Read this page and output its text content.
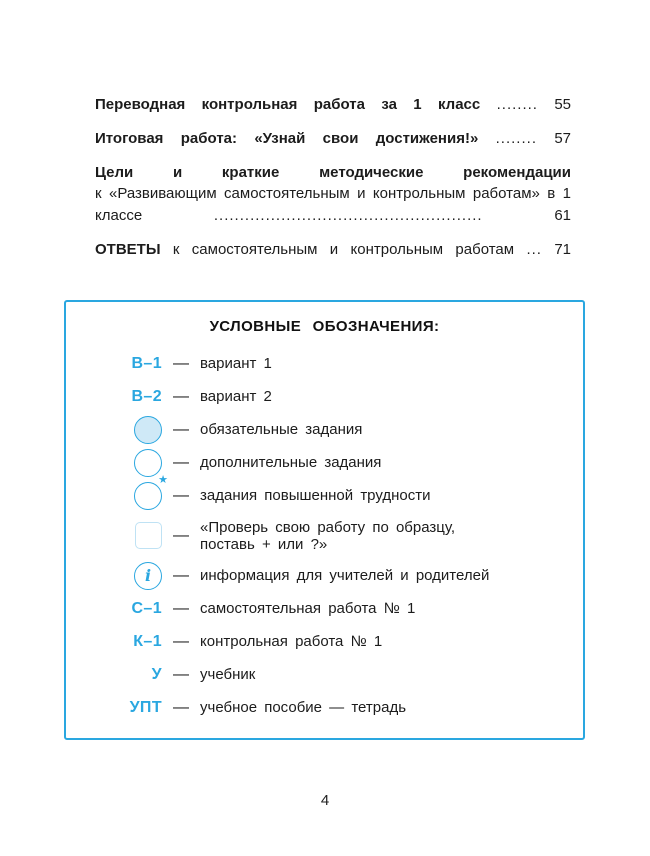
Переводная контрольная работа за 1 класс ........ 55

Итоговая работа: «Узнай свои достижения!» ........ 57

Цели и краткие методические рекомендации
к «Развивающим самостоятельным и контрольным работам» в 1 классе	....................................................	61

ОТВЕТЫ к самостоятельным и контрольным работам ... 71

УСЛОВНЫЕ ОБОЗНАЧЕНИЯ:
В–1 — вариант 1
В–2 — вариант 2
— обязательные задания
— дополнительные задания
★
— задания повышенной трудности
— «Проверь свою работу по образцу, поставь + или ?»
i — информация для учителей и родителей
С–1 — самостоятельная работа № 1
К–1 — контрольная работа № 1
У — учебник
УПТ — учебное пособие — тетрадь
4
